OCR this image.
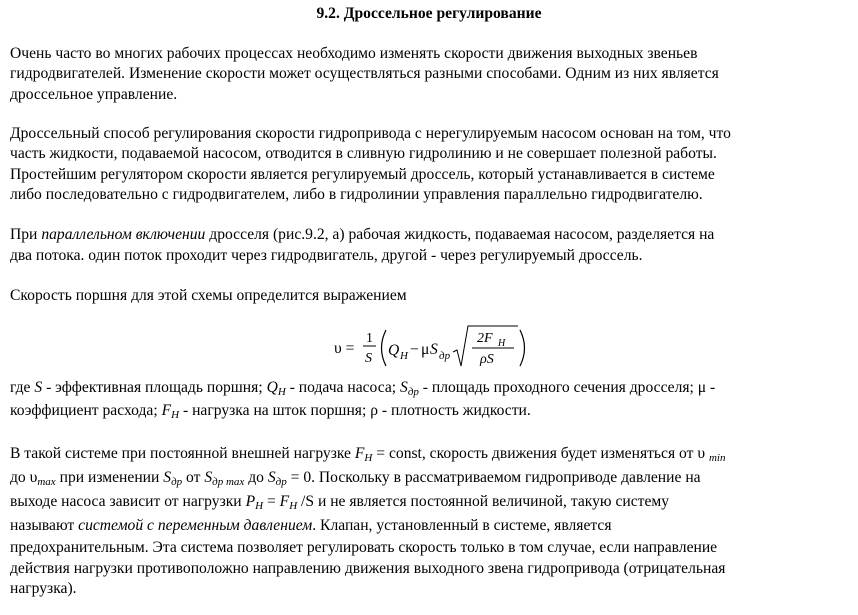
9.2. Дроссельное регулирование
Очень часто во многих рабочих процессах необходимо изменять скорости движения выходных звеньев
гидродвигателей. Изменение скорости может осуществляться разными способами. Одним из них является
дроссельное управление.
Дроссельный способ регулирования скорости гидропривода с нерегулируемым насосом основан на том, что
часть жидкости, подаваемой насосом, отводится в сливную гидролинию и не совершает полезной работы.
Простейшим регулятором скорости является регулируемый дроссель, который устанавливается в системе
либо последовательно с гидродвигателем, либо в гидролинии управления параллельно гидродвигателю.
При параллельном включении дросселя (рис.9.2, а) рабочая жидкость, подаваемая насосом, разделяется на
два потока. один поток проходит через гидродвигатель, другой - через регулируемый дроссель.
Скорость поршня для этой схемы определится выражением
υ =
1
S Q H − μ S др
2F H
ρS
где S - эффективная площадь поршня; $Q_H$ - подача насоса; $S_{др}$ - площадь проходного сечения дросселя; μ -
коэффициент расхода; $F_H$ - нагрузка на шток поршня; ρ - плотность жидкости.
В такой системе при постоянной внешней нагрузке $F_H$ = const, скорость движения будет изменяться от υ $_{min}$
до $\upsilon_{max}$ при изменении $S_{др}$ от $S_{др max}$ до $S_{др} = 0$. Поскольку в рассматриваемом гидроприводе давление на
выходе насоса зависит от нагрузки $P_H = F_H$ /S и не является постоянной величиной, такую систему
называют системой с переменным давлением. Клапан, установленный в системе, является
предохранительным. Эта система позволяет регулировать скорость только в том случае, если направление
действия нагрузки противоположно направлению движения выходного звена гидропривода (отрицательная
нагрузка).
